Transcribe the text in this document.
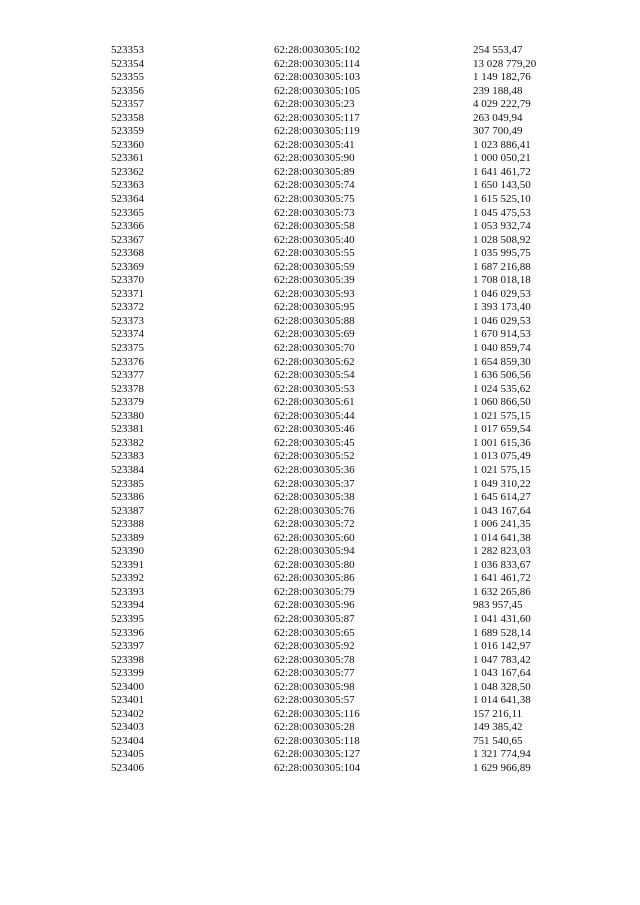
523353	62:28:0030305:102	254 553,47
523354	62:28:0030305:114	13 028 779,20
523355	62:28:0030305:103	1 149 182,76
523356	62:28:0030305:105	239 188,48
523357	62:28:0030305:23	4 029 222,79
523358	62:28:0030305:117	263 049,94
523359	62:28:0030305:119	307 700,49
523360	62:28:0030305:41	1 023 886,41
523361	62:28:0030305:90	1 000 050,21
523362	62:28:0030305:89	1 641 461,72
523363	62:28:0030305:74	1 650 143,50
523364	62:28:0030305:75	1 615 525,10
523365	62:28:0030305:73	1 045 475,53
523366	62:28:0030305:58	1 053 932,74
523367	62:28:0030305:40	1 028 508,92
523368	62:28:0030305:55	1 035 995,75
523369	62:28:0030305:59	1 687 216,88
523370	62:28:0030305:39	1 708 018,18
523371	62:28:0030305:93	1 046 029,53
523372	62:28:0030305:95	1 393 173,40
523373	62:28:0030305:88	1 046 029,53
523374	62:28:0030305:69	1 670 914,53
523375	62:28:0030305:70	1 040 859,74
523376	62:28:0030305:62	1 654 859,30
523377	62:28:0030305:54	1 636 506,56
523378	62:28:0030305:53	1 024 535,62
523379	62:28:0030305:61	1 060 866,50
523380	62:28:0030305:44	1 021 575,15
523381	62:28:0030305:46	1 017 659,54
523382	62:28:0030305:45	1 001 615,36
523383	62:28:0030305:52	1 013 075,49
523384	62:28:0030305:36	1 021 575,15
523385	62:28:0030305:37	1 049 310,22
523386	62:28:0030305:38	1 645 614,27
523387	62:28:0030305:76	1 043 167,64
523388	62:28:0030305:72	1 006 241,35
523389	62:28:0030305:60	1 014 641,38
523390	62:28:0030305:94	1 282 823,03
523391	62:28:0030305:80	1 036 833,67
523392	62:28:0030305:86	1 641 461,72
523393	62:28:0030305:79	1 632 265,86
523394	62:28:0030305:96	983 957,45
523395	62:28:0030305:87	1 041 431,60
523396	62:28:0030305:65	1 689 528,14
523397	62:28:0030305:92	1 016 142,97
523398	62:28:0030305:78	1 047 783,42
523399	62:28:0030305:77	1 043 167,64
523400	62:28:0030305:98	1 048 328,50
523401	62:28:0030305:57	1 014 641,38
523402	62:28:0030305:116	157 216,11
523403	62:28:0030305:28	149 385,42
523404	62:28:0030305:118	751 540,65
523405	62:28:0030305:127	1 321 774,94
523406	62:28:0030305:104	1 629 966,89
